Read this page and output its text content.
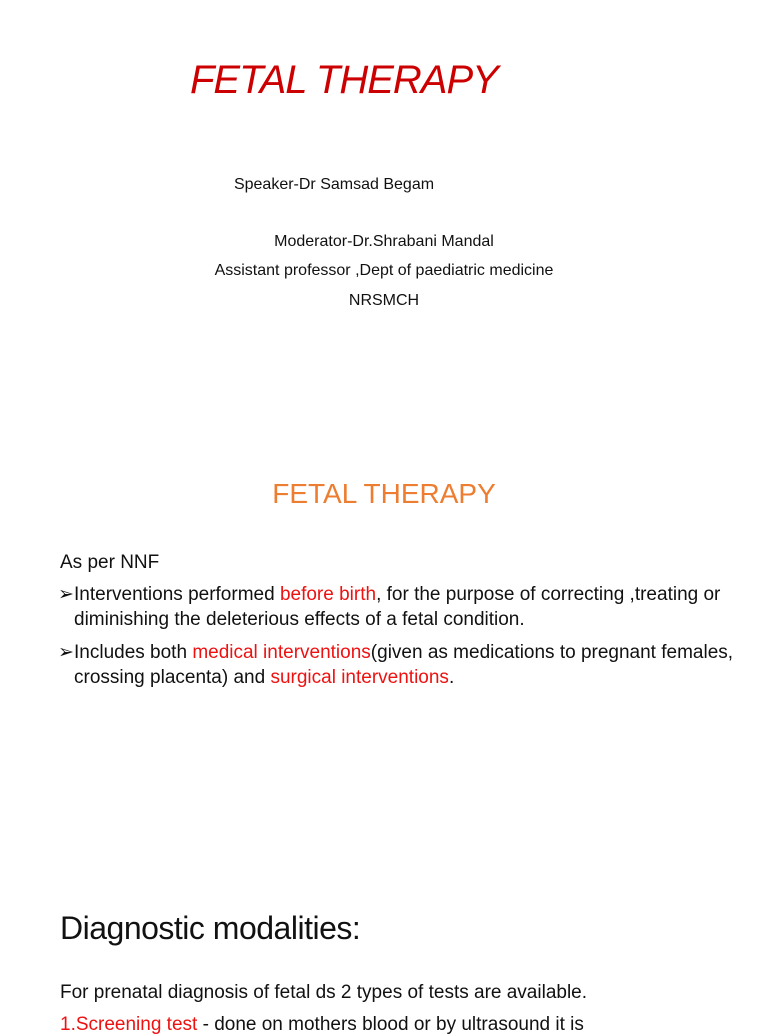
FETAL THERAPY
Speaker-Dr Samsad Begam
Moderator-Dr.Shrabani Mandal
Assistant professor ,Dept of paediatric medicine
NRSMCH
FETAL THERAPY
As per NNF
➢ Interventions performed before birth, for the purpose of correcting ,treating or diminishing the deleterious effects of a fetal condition.
➢ Includes both medical interventions(given as medications to pregnant females, crossing placenta) and surgical interventions.
Diagnostic modalities:
For prenatal diagnosis of fetal ds 2 types of tests are available.
1.Screening test - done on mothers blood or by ultrasound it is
